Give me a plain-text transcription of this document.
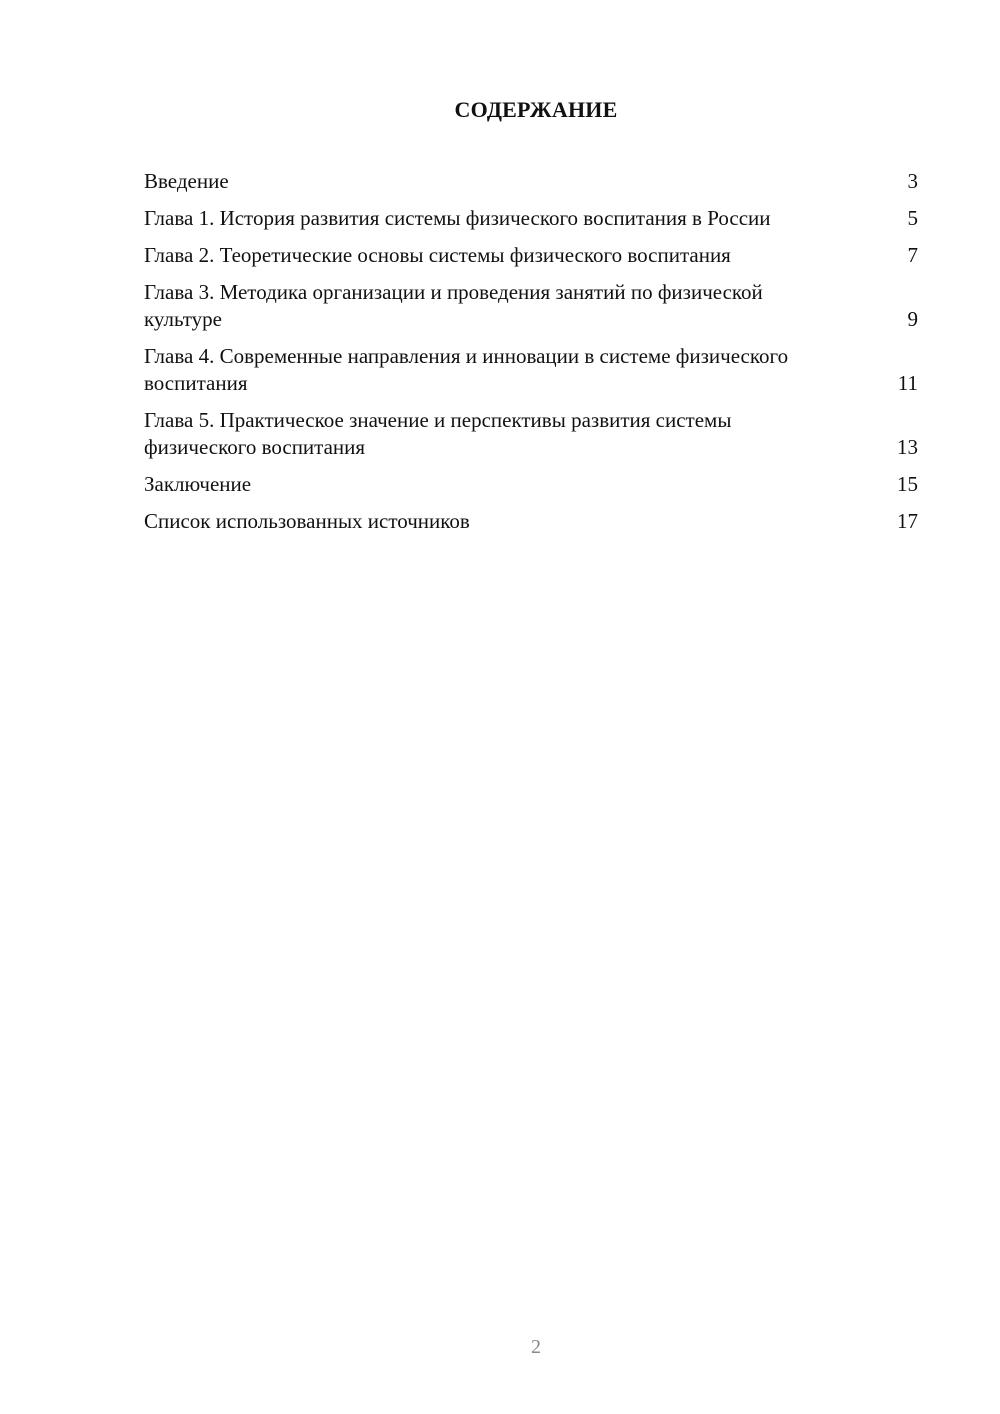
СОДЕРЖАНИЕ
Введение	3
Глава 1. История развития системы физического воспитания в России	5
Глава 2. Теоретические основы системы физического воспитания	7
Глава 3. Методика организации и проведения занятий по физической культуре	9
Глава 4. Современные направления и инновации в системе физического воспитания	11
Глава 5. Практическое значение и перспективы развития системы физического воспитания	13
Заключение	15
Список использованных источников	17
2
